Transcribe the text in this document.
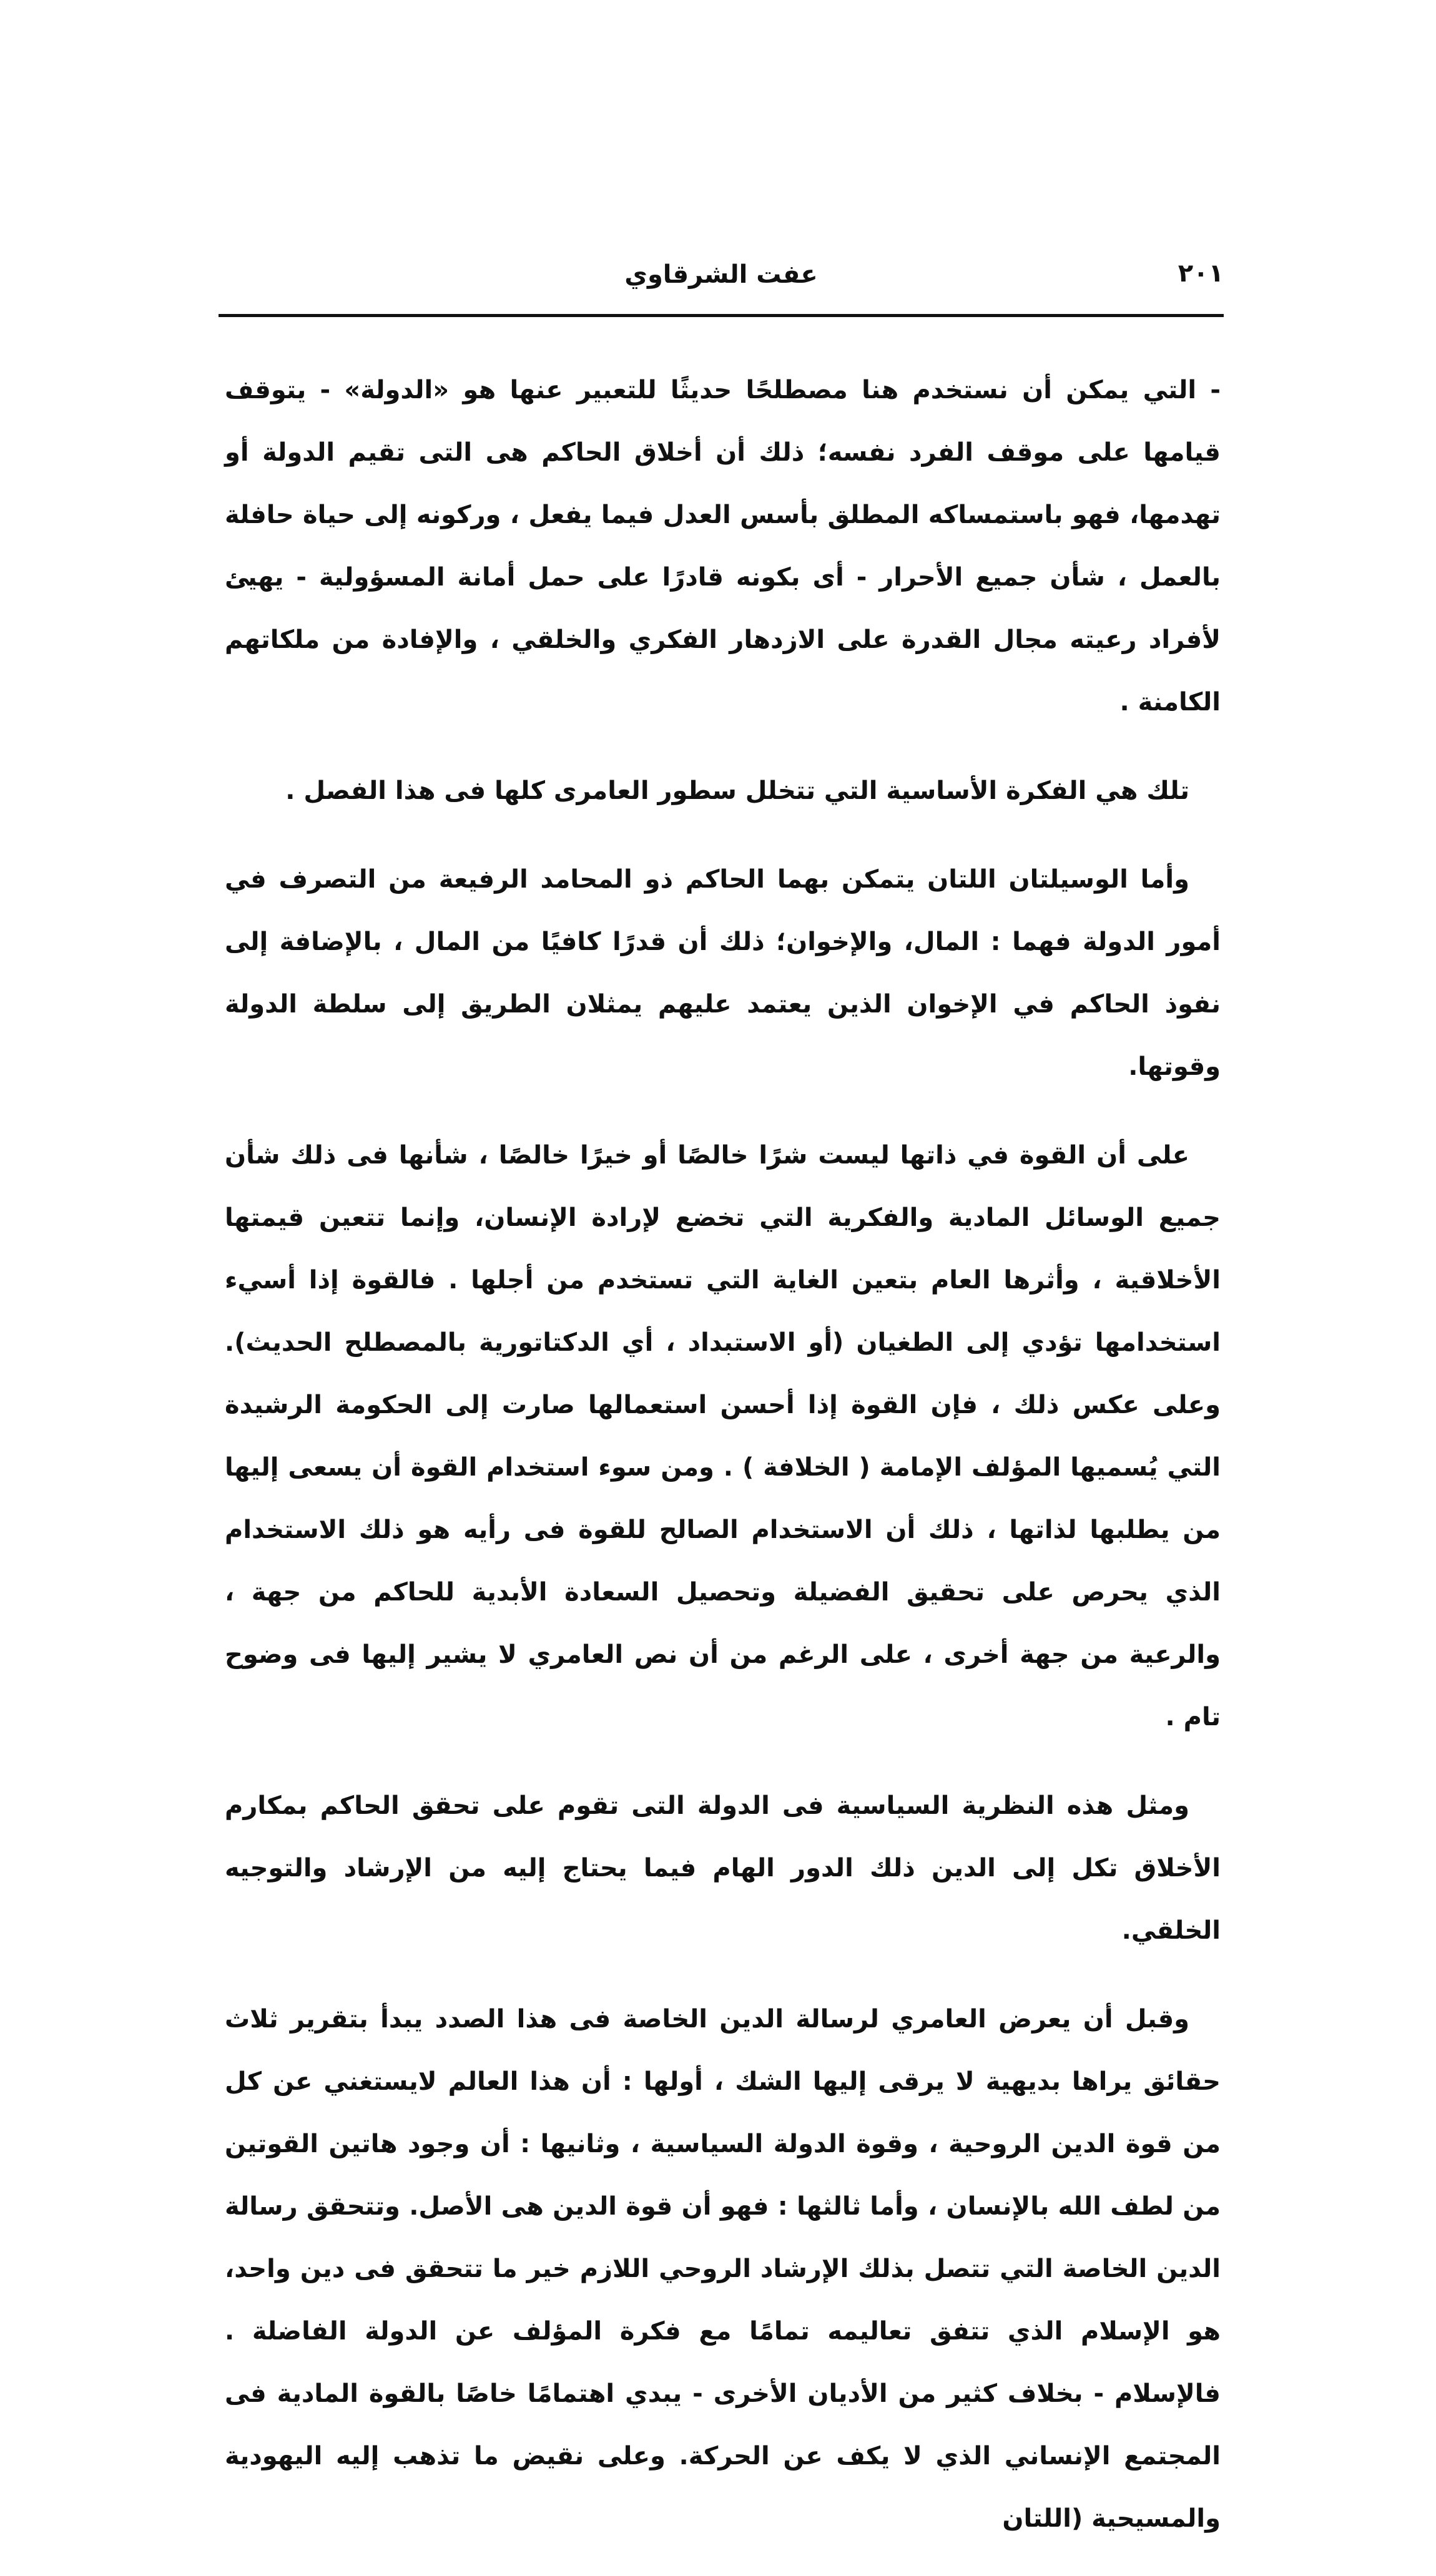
٢٠١
عفت الشرقاوي

- التي يمكن أن نستخدم هنا مصطلحًا حديثًا للتعبير عنها هو «الدولة» - يتوقف قيامها على موقف الفرد نفسه؛ ذلك أن أخلاق الحاكم هى التى تقيم الدولة أو تهدمها، فهو باستمساكه المطلق بأسس العدل فيما يفعل ، وركونه إلى حياة حافلة بالعمل ، شأن جميع الأحرار - أى بكونه قادرًا على حمل أمانة المسؤولية - يهيئ لأفراد رعيته مجال القدرة على الازدهار الفكري والخلقي ، والإفادة من ملكاتهم الكامنة .

تلك هي الفكرة الأساسية التي تتخلل سطور العامرى كلها فى هذا الفصل .

وأما الوسيلتان اللتان يتمكن بهما الحاكم ذو المحامد الرفيعة من التصرف في أمور الدولة فهما : المال، والإخوان؛ ذلك أن قدرًا كافيًا من المال ، بالإضافة إلى نفوذ الحاكم في الإخوان الذين يعتمد عليهم يمثلان الطريق إلى سلطة الدولة وقوتها.

على أن القوة في ذاتها ليست شرًا خالصًا أو خيرًا خالصًا ، شأنها فى ذلك شأن جميع الوسائل المادية والفكرية التي تخضع لإرادة الإنسان، وإنما تتعين قيمتها الأخلاقية ، وأثرها العام بتعين الغاية التي تستخدم من أجلها . فالقوة إذا أسيء استخدامها تؤدي إلى الطغيان (أو الاستبداد ، أي الدكتاتورية بالمصطلح الحديث). وعلى عكس ذلك ، فإن القوة إذا أحسن استعمالها صارت إلى الحكومة الرشيدة التي يُسميها المؤلف الإمامة ( الخلافة ) . ومن سوء استخدام القوة أن يسعى إليها من يطلبها لذاتها ، ذلك أن الاستخدام الصالح للقوة فى رأيه هو ذلك الاستخدام الذي يحرص على تحقيق الفضيلة وتحصيل السعادة الأبدية للحاكم من جهة ، والرعية من جهة أخرى ، على الرغم من أن نص العامري لا يشير إليها فى وضوح تام .

ومثل هذه النظرية السياسية فى الدولة التى تقوم على تحقق الحاكم بمكارم الأخلاق تكل إلى الدين ذلك الدور الهام فيما يحتاج إليه من الإرشاد والتوجيه الخلقي.

وقبل أن يعرض العامري لرسالة الدين الخاصة فى هذا الصدد يبدأ بتقرير ثلاث حقائق يراها بديهية لا يرقى إليها الشك ، أولها : أن هذا العالم لايستغني عن كل من قوة الدين الروحية ، وقوة الدولة السياسية ، وثانيها : أن وجود هاتين القوتين من لطف الله بالإنسان ، وأما ثالثها : فهو أن قوة الدين هى الأصل. وتتحقق رسالة الدين الخاصة التي تتصل بذلك الإرشاد الروحي اللازم خير ما تتحقق فى دين واحد، هو الإسلام الذي تتفق تعاليمه تمامًا مع فكرة المؤلف عن الدولة الفاضلة . فالإسلام - بخلاف كثير من الأديان الأخرى - يبدي اهتمامًا خاصًا بالقوة المادية فى المجتمع الإنساني الذي لا يكف عن الحركة. وعلى نقيض ما تذهب إليه اليهودية والمسيحية (اللتان
